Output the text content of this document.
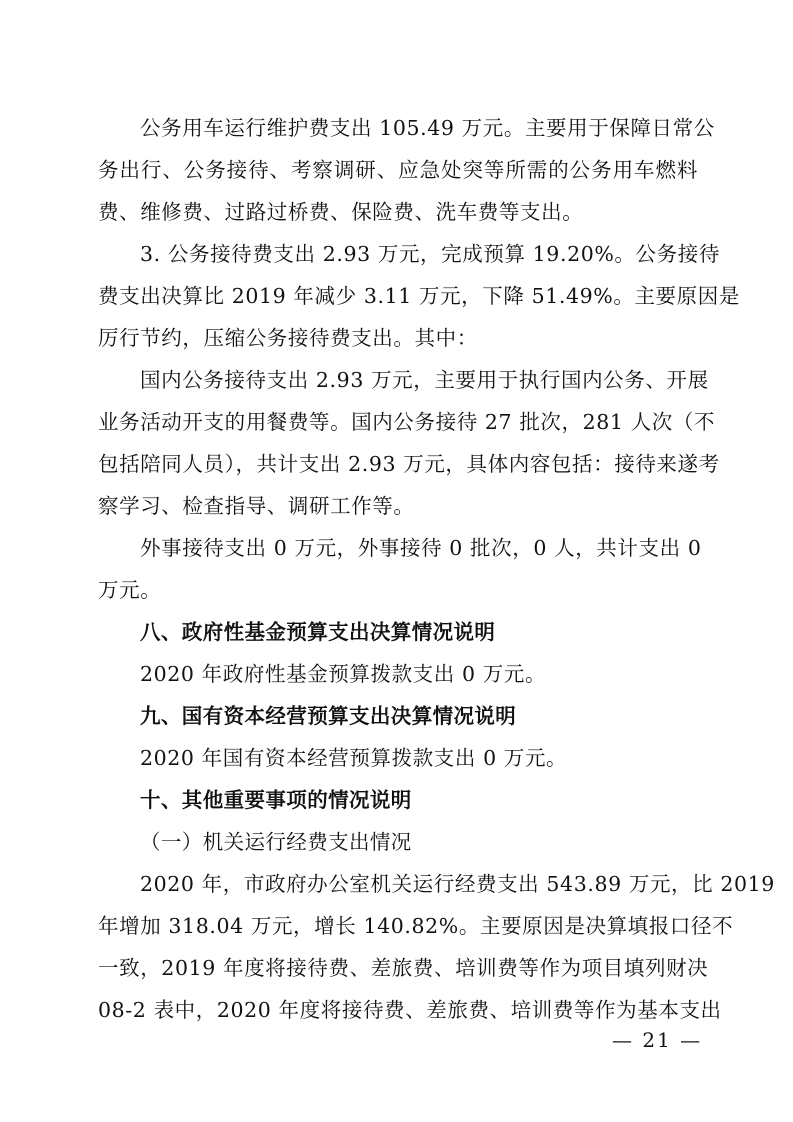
公务用车运行维护费支出 105.49 万元。主要用于保障日常公
务出行、公务接待、考察调研、应急处突等所需的公务用车燃料
费、维修费、过路过桥费、保险费、洗车费等支出。
3. 公务接待费支出 2.93 万元，完成预算 19.20%。公务接待
费支出决算比 2019 年减少 3.11 万元，下降 51.49%。主要原因是
厉行节约，压缩公务接待费支出。其中：
国内公务接待支出 2.93 万元，主要用于执行国内公务、开展
业务活动开支的用餐费等。国内公务接待 27 批次，281 人次（不
包括陪同人员），共计支出 2.93 万元，具体内容包括：接待来遂考
察学习、检查指导、调研工作等。
外事接待支出 0 万元，外事接待 0 批次，0 人，共计支出 0
万元。
八、政府性基金预算支出决算情况说明
2020 年政府性基金预算拨款支出 0 万元。
九、国有资本经营预算支出决算情况说明
2020 年国有资本经营预算拨款支出 0 万元。
十、其他重要事项的情况说明
（一）机关运行经费支出情况
2020 年，市政府办公室机关运行经费支出 543.89 万元，比 2019
年增加 318.04 万元，增长 140.82%。主要原因是决算填报口径不
一致，2019 年度将接待费、差旅费、培训费等作为项目填列财决
08-2 表中，2020 年度将接待费、差旅费、培训费等作为基本支出
— 21 —
